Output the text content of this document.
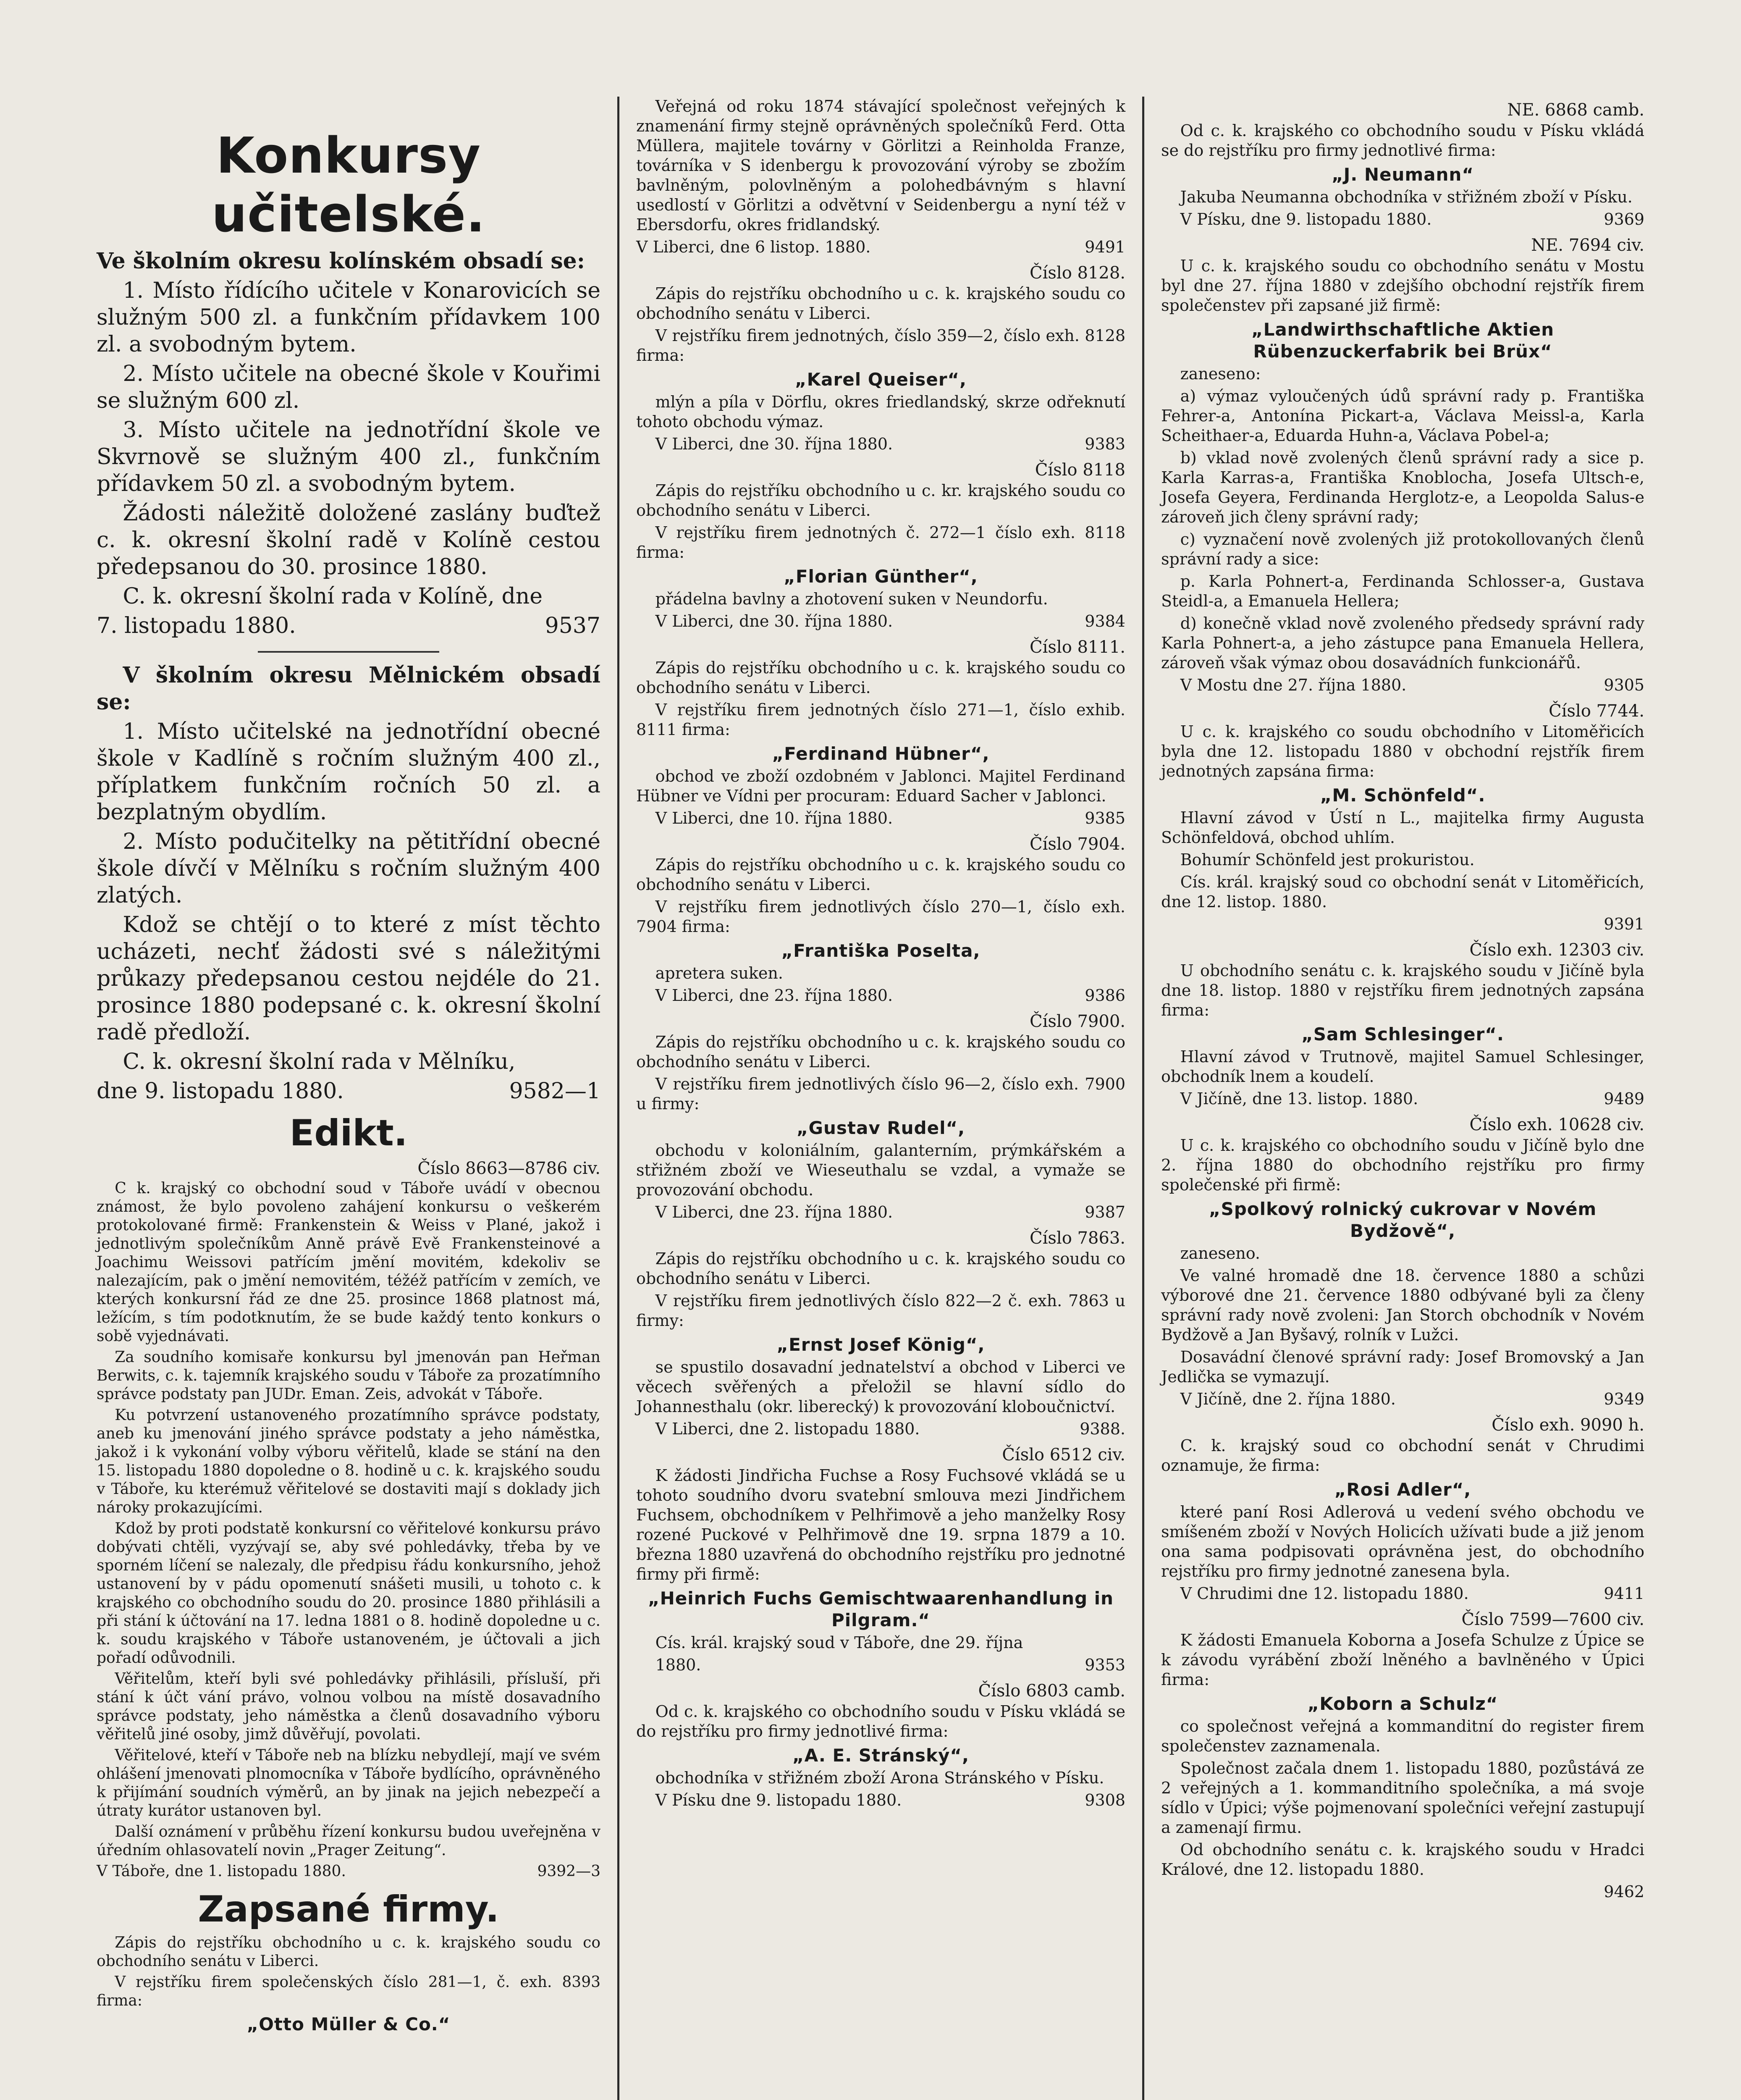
Konkursy učitelské.

Ve školním okresu kolínském obsadí se:

1. Místo řídícího učitele v Konarovicích se služným 500 zl. a funkčním přídavkem 100 zl. a svobodným bytem.

2. Místo učitele na obecné škole v Kouřimi se služným 600 zl.

3. Místo učitele na jednotřídní škole ve Skvrnově se služným 400 zl., funkčním přídavkem 50 zl. a svobodným bytem.

Žádosti náležitě doložené zaslány buďtež c. k. okresní školní radě v Kolíně cestou předepsanou do 30. prosince 1880.

C. k. okresní školní rada v Kolíně, dne

7. listopadu 1880.	9537

V školním okresu Mělnickém obsadí se:

1. Místo učitelské na jednotřídní obecné škole v Kadlíně s ročním služným 400 zl., příplatkem funkčním ročních 50 zl. a bezplatným obydlím.

2. Místo podučitelky na pětitřídní obecné škole dívčí v Mělníku s ročním služným 400 zlatých.

Kdož se chtějí o to které z míst těchto ucházeti, nechť žádosti své s náležitými průkazy předepsanou cestou nejdéle do 21. prosince 1880 podepsané c. k. okresní školní radě předloží.

C. k. okresní školní rada v Mělníku,

dne 9. listopadu 1880.	9582—1

Edikt.
Číslo 8663—8786 civ.

C k. krajský co obchodní soud v Táboře uvádí v obecnou známost, že bylo povoleno zahájení konkursu o veškerém protokolované firmě: Frankenstein & Weiss v Plané, jakož i jednotlivým společníkům Anně právě Evě Frankensteinové a Joachimu Weissovi patřícím jmění movitém, kdekoliv se nalezajícím, pak o jmění nemovitém, téžéž patřícím v zemích, ve kterých konkursní řád ze dne 25. prosince 1868 platnost má, ležícím, s tím podotknutím, že se bude každý tento konkurs o sobě vyjednávati.

Za soudního komisaře konkursu byl jmenován pan Heřman Berwits, c. k. tajemník krajského soudu v Táboře za prozatímního správce podstaty pan JUDr. Eman. Zeis, advokát v Táboře.

Ku potvrzení ustanoveného prozatímního správce podstaty, aneb ku jmenování jiného správce podstaty a jeho náměstka, jakož i k vykonání volby výboru věřitelů, klade se stání na den 15. listopadu 1880 dopoledne o 8. hodině u c. k. krajského soudu v Táboře, ku kterémuž věřitelové se dostaviti mají s doklady jich nároky prokazujícími.

Kdož by proti podstatě konkursní co věřitelové konkursu právo dobývati chtěli, vyzývají se, aby své pohledávky, třeba by ve sporném líčení se nalezaly, dle předpisu řádu konkursního, jehož ustanovení by v pádu opomenutí snášeti musili, u tohoto c. k krajského co obchodního soudu do 20. prosince 1880 přihlásili a při stání k účtování na 17. ledna 1881 o 8. hodině dopoledne u c. k. soudu krajského v Táboře ustanoveném, je účtovali a jich pořadí odůvodnili.

Věřitelům, kteří byli své pohledávky přihlásili, přísluší, při stání k účt vání právo, volnou volbou na místě dosavadního správce podstaty, jeho náměstka a členů dosavadního výboru věřitelů jiné osoby, jimž důvěřují, povolati.

Věřitelové, kteří v Táboře neb na blízku nebydlejí, mají ve svém ohlášení jmenovati plnomocníka v Táboře bydlícího, oprávněného k přijímání soudních výměrů, an by jinak na jejich nebezpečí a útraty kurátor ustanoven byl.

Další oznámení v průběhu řízení konkursu budou uveřejněna v úředním ohlasovatelí novin „Prager Zeitung“.

V Táboře, dne 1. listopadu 1880.	9392—3

Zapsané firmy.

Zápis do rejstříku obchodního u c. k. krajského soudu co obchodního senátu v Liberci.

V rejstříku firem společenských číslo 281—1, č. exh. 8393 firma:

„Otto Müller & Co.“

Veřejná od roku 1874 stávající společnost veřejných k znamenání firmy stejně oprávněných společníků Ferd. Otta Müllera, majitele továrny v Görlitzi a Reinholda Franze, továrníka v S idenbergu k provozování výroby se zbožím bavlněným, polovlněným a polohedbávným s hlavní usedlostí v Görlitzi a odvětvní v Seidenbergu a nyní též v Ebersdorfu, okres fridlandský.

V Liberci, dne 6 listop. 1880.	9491

Číslo 8128.

Zápis do rejstříku obchodního u c. k. krajského soudu co obchodního senátu v Liberci.

V rejstříku firem jednotných, číslo 359—2, číslo exh. 8128 firma:

„Karel Queiser“,

mlýn a píla v Dörflu, okres friedlandský, skrze odřeknutí tohoto obchodu výmaz.

V Liberci, dne 30. října 1880.	9383

Číslo 8118

Zápis do rejstříku obchodního u c. kr. krajského soudu co obchodního senátu v Liberci.

V rejstříku firem jednotných č. 272—1 číslo exh. 8118 firma:

„Florian Günther“,

přádelna bavlny a zhotovení suken v Neundorfu.

V Liberci, dne 30. října 1880.	9384

Číslo 8111.

Zápis do rejstříku obchodního u c. k. krajského soudu co obchodního senátu v Liberci.

V rejstříku firem jednotných číslo 271—1, číslo exhib. 8111 firma:

„Ferdinand Hübner“,

obchod ve zboží ozdobném v Jablonci. Majitel Ferdinand Hübner ve Vídni per procuram: Eduard Sacher v Jablonci.

V Liberci, dne 10. října 1880.	9385

Číslo 7904.

Zápis do rejstříku obchodního u c. k. krajského soudu co obchodního senátu v Liberci.

V rejstříku firem jednotlivých číslo 270—1, číslo exh. 7904 firma:

„Františka Poselta,

apretera suken.

V Liberci, dne 23. října 1880.	9386

Číslo 7900.

Zápis do rejstříku obchodního u c. k. krajského soudu co obchodního senátu v Liberci.

V rejstříku firem jednotlivých číslo 96—2, číslo exh. 7900 u firmy:

„Gustav Rudel“,

obchodu v koloniálním, galanterním, prýmkářském a střižném zboží ve Wieseuthalu se vzdal, a vymaže se provozování obchodu.

V Liberci, dne 23. října 1880.	9387

Číslo 7863.

Zápis do rejstříku obchodního u c. k. krajského soudu co obchodního senátu v Liberci.

V rejstříku firem jednotlivých číslo 822—2 č. exh. 7863 u firmy:

„Ernst Josef König“,

se spustilo dosavadní jednatelství a obchod v Liberci ve věcech svěřených a přeložil se hlavní sídlo do Johannesthalu (okr. liberecký) k provozování kloboučnictví.

V Liberci, dne 2. listopadu 1880.	9388.

Číslo 6512 civ.

K žádosti Jindřicha Fuchse a Rosy Fuchsové vkládá se u tohoto soudního dvoru svatební smlouva mezi Jindřichem Fuchsem, obchodníkem v Pelhřimově a jeho manželky Rosy rozené Puckové v Pelhřimově dne 19. srpna 1879 a 10. března 1880 uzavřená do obchodního rejstříku pro jednotné firmy při firmě:

„Heinrich Fuchs Gemischtwaarenhandlung in Pilgram.“

Cís. král. krajský soud v Táboře, dne 29. října

1880.	9353

Číslo 6803 camb.

Od c. k. krajského co obchodního soudu v Písku vkládá se do rejstříku pro firmy jednotlivé firma:

„A. E. Stránský“,

obchodníka v střižném zboží Arona Stránského v Písku.

V Písku dne 9. listopadu 1880.	9308

NE. 6868 camb.

Od c. k. krajského co obchodního soudu v Písku vkládá se do rejstříku pro firmy jednotlivé firma:

„J. Neumann“

Jakuba Neumanna obchodníka v střižném zboží v Písku.

V Písku, dne 9. listopadu 1880.	9369

NE. 7694 civ.

U c. k. krajského soudu co obchodního senátu v Mostu byl dne 27. října 1880 v zdejšího obchodní rejstřík firem společenstev při zapsané již firmě:

„Landwirthschaftliche Aktien Rübenzuckerfabrik bei Brüx“

zaneseno:

a) výmaz vyloučených údů správní rady p. Františka Fehrer-a, Antonína Pickart-a, Václava Meissl-a, Karla Scheithaer-a, Eduarda Huhn-a, Václava Pobel-a;

b) vklad nově zvolených členů správní rady a sice p. Karla Karras-a, Františka Knoblocha, Josefa Ultsch-e, Josefa Geyera, Ferdinanda Herglotz-e, a Leopolda Salus-e zároveň jich členy správní rady;

c) vyznačení nově zvolených již protokollovaných členů správní rady a sice:

p. Karla Pohnert-a, Ferdinanda Schlosser-a, Gustava Steidl-a, a Emanuela Hellera;

d) konečně vklad nově zvoleného předsedy správní rady Karla Pohnert-a, a jeho zástupce pana Emanuela Hellera, zároveň však výmaz obou dosavádních funkcionářů.

V Mostu dne 27. října 1880.	9305

Číslo 7744.

U c. k. krajského co soudu obchodního v Litoměřicích byla dne 12. listopadu 1880 v obchodní rejstřík firem jednotných zapsána firma:

„M. Schönfeld“.

Hlavní závod v Ústí n L., majitelka firmy Augusta Schönfeldová, obchod uhlím.

Bohumír Schönfeld jest prokuristou.

Cís. král. krajský soud co obchodní senát v Litoměřicích, dne 12. listop. 1880.

9391

Číslo exh. 12303 civ.

U obchodního senátu c. k. krajského soudu v Jičíně byla dne 18. listop. 1880 v rejstříku firem jednotných zapsána firma:

„Sam Schlesinger“.

Hlavní závod v Trutnově, majitel Samuel Schlesinger, obchodník lnem a koudelí.

V Jičíně, dne 13. listop. 1880.	9489

Číslo exh. 10628 civ.

U c. k. krajského co obchodního soudu v Jičíně bylo dne 2. října 1880 do obchodního rejstříku pro firmy společenské při firmě:

„Spolkový rolnický cukrovar v Novém Bydžově“,

zaneseno.

Ve valné hromadě dne 18. července 1880 a schůzi výborové dne 21. července 1880 odbývané byli za členy správní rady nově zvoleni: Jan Storch obchodník v Novém Bydžově a Jan Byšavý, rolník v Lužci.

Dosavádní členové správní rady: Josef Bromovský a Jan Jedlička se vymazují.

V Jičíně, dne 2. října 1880.	9349

Číslo exh. 9090 h.

C. k. krajský soud co obchodní senát v Chrudimi oznamuje, že firma:

„Rosi Adler“,

které paní Rosi Adlerová u vedení svého obchodu ve smíšeném zboží v Nových Holicích užívati bude a již jenom ona sama podpisovati oprávněna jest, do obchodního rejstříku pro firmy jednotné zanesena byla.

V Chrudimi dne 12. listopadu 1880.	9411

Číslo 7599—7600 civ.

K žádosti Emanuela Koborna a Josefa Schulze z Úpice se k závodu vyrábění zboží lněného a bavlněného v Úpici firma:

„Koborn a Schulz“

co společnost veřejná a kommanditní do register firem společenstev zaznamenala.

Společnost začala dnem 1. listopadu 1880, pozůstává ze 2 veřejných a 1. kommanditního společníka, a má svoje sídlo v Úpici; výše pojmenovaní společníci veřejní zastupují a zamenají firmu.

Od obchodního senátu c. k. krajského soudu v Hradci Králové, dne 12. listopadu 1880.

9462
